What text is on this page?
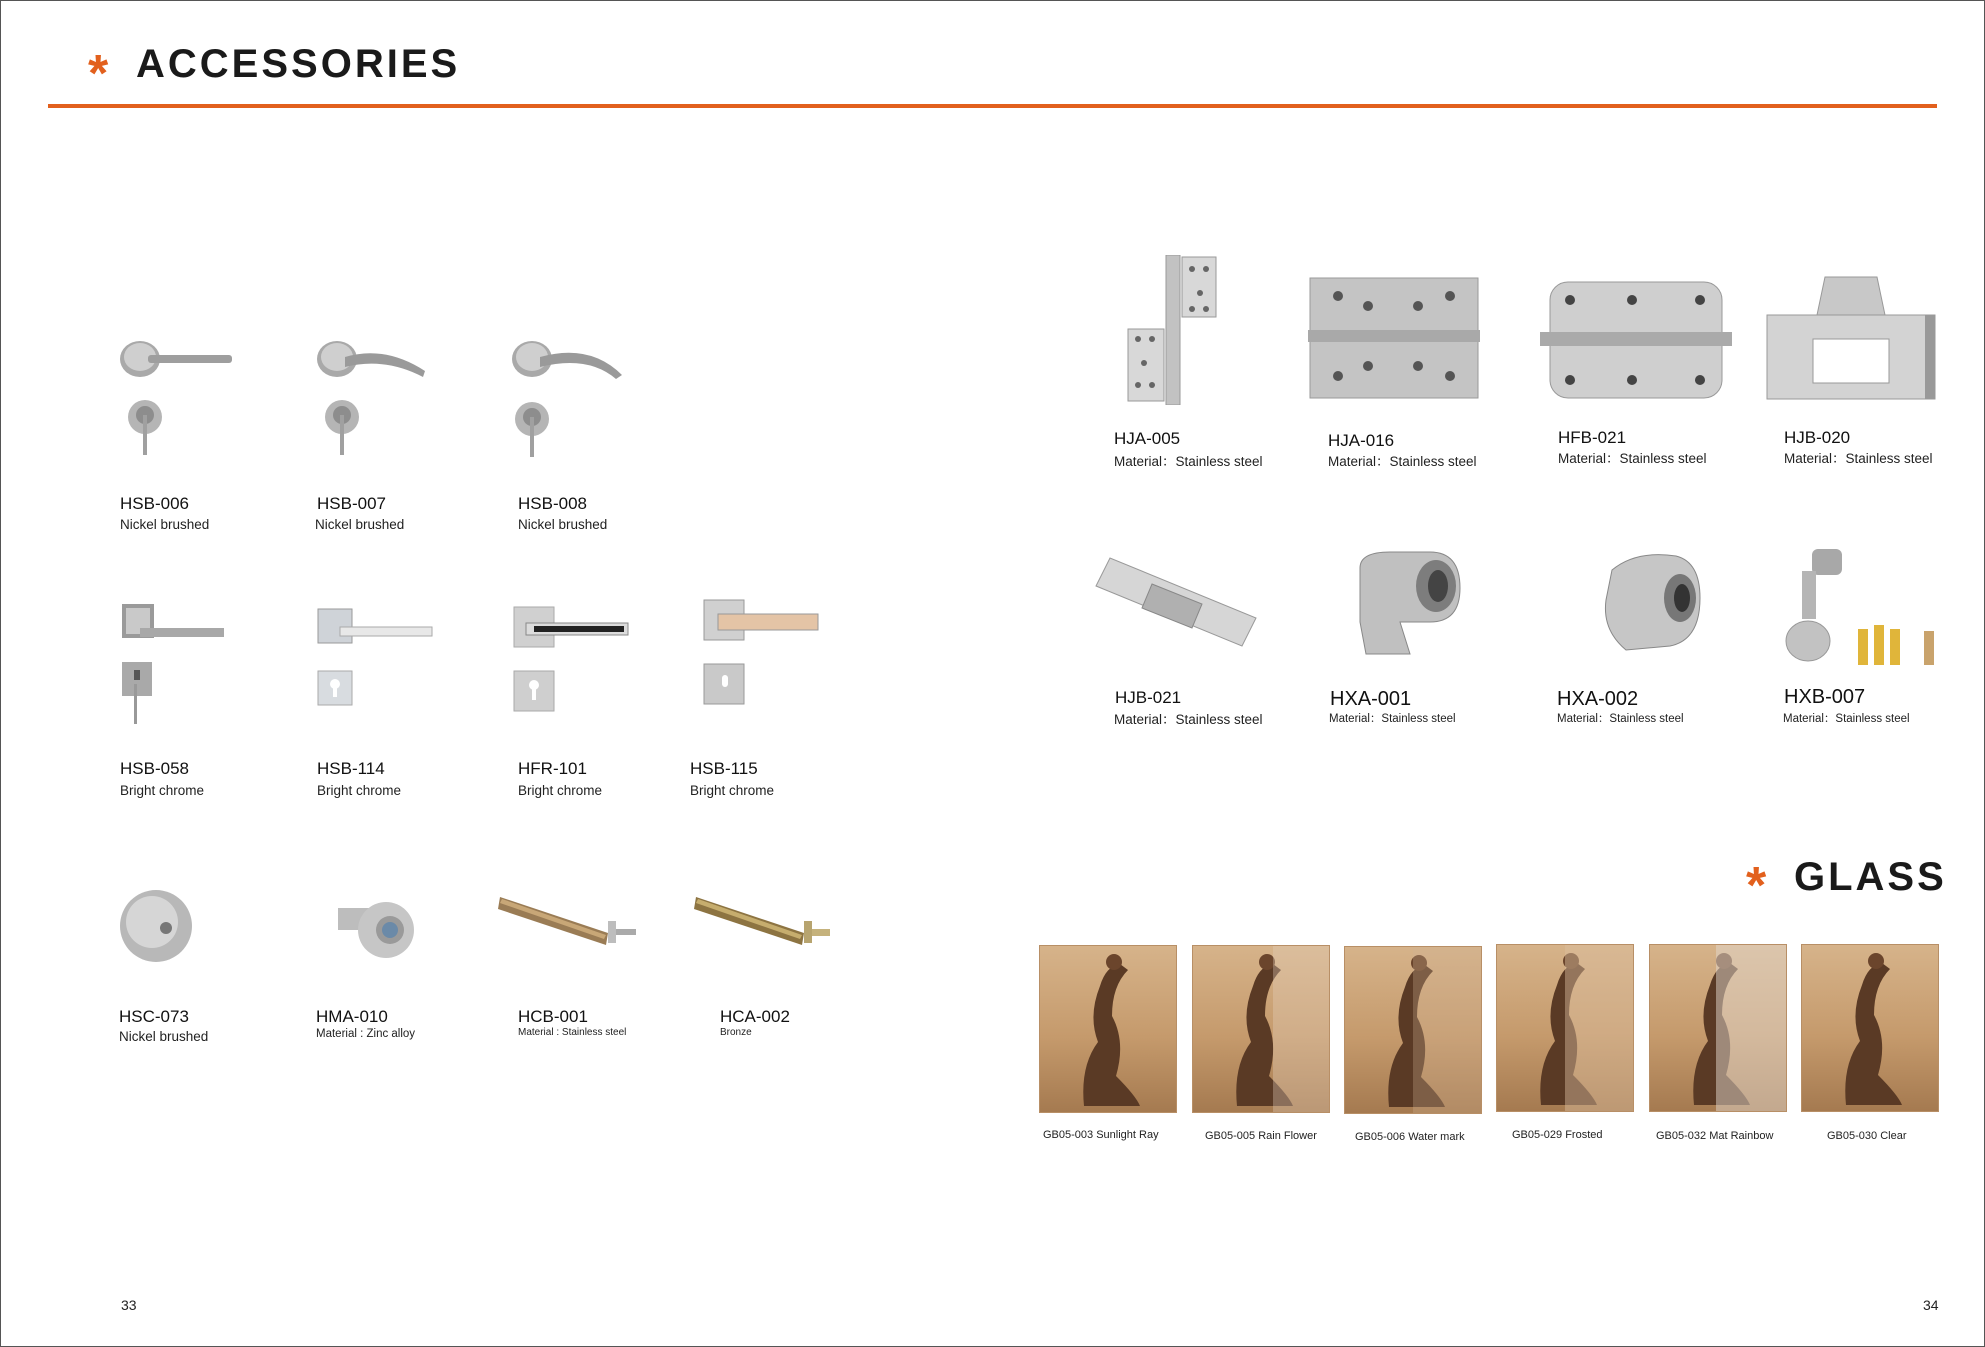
* ACCESSORIES
HSB-006
Nickel brushed
HSB-007
Nickel brushed
HSB-008
Nickel brushed
HSB-058
Bright chrome
HSB-114
Bright chrome
HFR-101
Bright chrome
HSB-115
Bright chrome
HSC-073
Nickel brushed
HMA-010
Material : Zinc alloy
HCB-001
Material : Stainless steel
HCA-002
Bronze
HJA-005
Material：Stainless steel
HJA-016
Material：Stainless steel
HFB-021
Material：Stainless steel
HJB-020
Material：Stainless steel
HJB-021
Material：Stainless steel
HXA-001
Material：Stainless steel
HXA-002
Material：Stainless steel
HXB-007
Material：Stainless steel
* GLASS
GB05-003 Sunlight Ray	GB05-005 Rain Flower	GB05-006 Water mark	GB05-029 Frosted	GB05-032 Mat Rainbow	GB05-030 Clear
33	34
